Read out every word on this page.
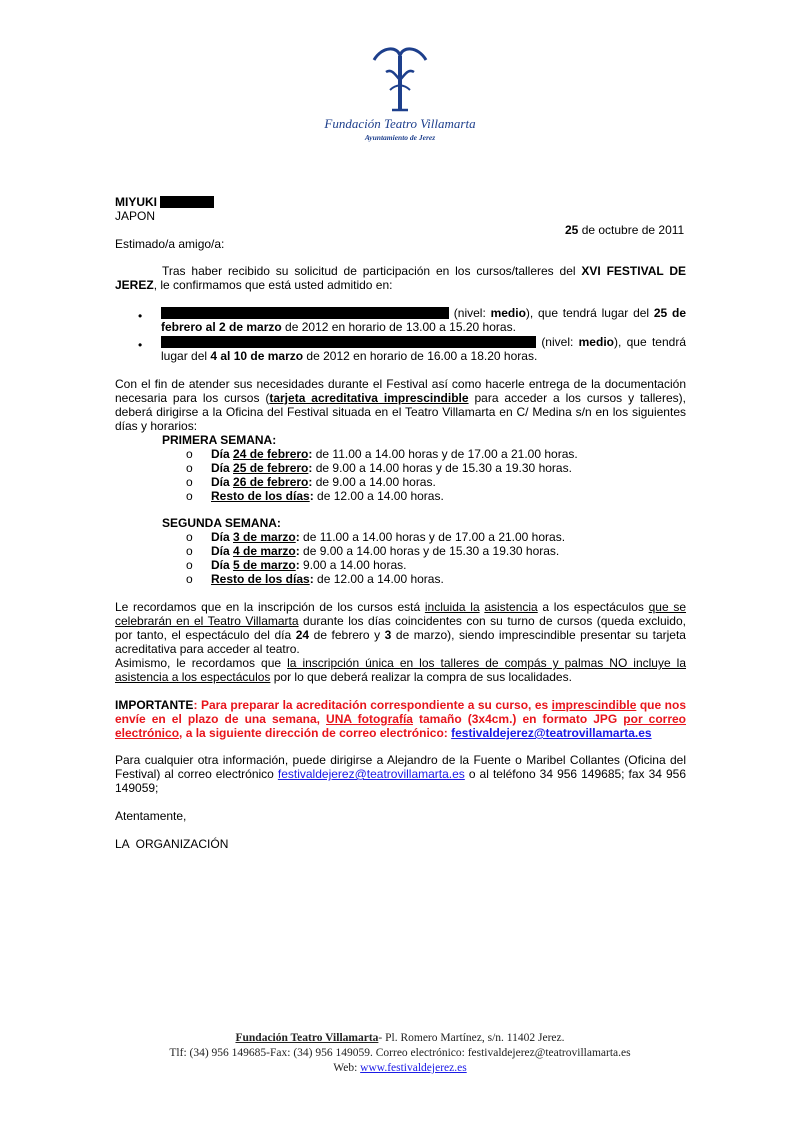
Fundación Teatro Villamarta
Ayuntamiento de Jerez
MIYUKI
JAPON
25 de octubre de 2011
Estimado/a amigo/a:
Tras haber recibido su solicitud de participación en los cursos/talleres del XVI FESTIVAL DE JEREZ, le confirmamos que está usted admitido en:
•	(nivel: medio), que tendrá lugar del 25 de febrero al 2 de marzo de 2012 en horario de 13.00 a 15.20 horas.
•	(nivel: medio), que tendrá lugar del 4 al 10 de marzo de 2012 en horario de 16.00 a 18.20 horas.
Con el fin de atender sus necesidades durante el Festival así como hacerle entrega de la documentación necesaria para los cursos (tarjeta acreditativa imprescindible para acceder a los cursos y talleres), deberá dirigirse a la Oficina del Festival situada en el Teatro Villamarta en C/ Medina s/n en los siguientes días y horarios:
PRIMERA SEMANA:
o Día 24 de febrero: de 11.00 a 14.00 horas y de 17.00 a 21.00 horas.
o Día 25 de febrero: de 9.00 a 14.00 horas y de 15.30 a 19.30 horas.
o Día 26 de febrero: de 9.00 a 14.00 horas.
o Resto de los días: de 12.00 a 14.00 horas.
SEGUNDA SEMANA:
o Día 3 de marzo: de 11.00 a 14.00 horas y de 17.00 a 21.00 horas.
o Día 4 de marzo: de 9.00 a 14.00 horas y de 15.30 a 19.30 horas.
o Día 5 de marzo: 9.00 a 14.00 horas.
o Resto de los días: de 12.00 a 14.00 horas.
Le recordamos que en la inscripción de los cursos está incluida la asistencia a los espectáculos que se celebrarán en el Teatro Villamarta durante los días coincidentes con su turno de cursos (queda excluido, por tanto, el espectáculo del día 24 de febrero y 3 de marzo), siendo imprescindible presentar su tarjeta acreditativa para acceder al teatro.
Asimismo, le recordamos que la inscripción única en los talleres de compás y palmas NO incluye la asistencia a los espectáculos por lo que deberá realizar la compra de sus localidades.
IMPORTANTE: Para preparar la acreditación correspondiente a su curso, es imprescindible que nos envíe en el plazo de una semana, UNA fotografía tamaño (3x4cm.) en formato JPG por correo electrónico, a la siguiente dirección de correo electrónico: festivaldejerez@teatrovillamarta.es
Para cualquier otra información, puede dirigirse a Alejandro de la Fuente o Maribel Collantes (Oficina del Festival) al correo electrónico festivaldejerez@teatrovillamarta.es o al teléfono 34 956 149685; fax 34 956 149059;
Atentamente,
LA  ORGANIZACIÓN
Fundación Teatro Villamarta- Pl. Romero Martínez, s/n. 11402 Jerez.
Tlf: (34) 956 149685-Fax: (34) 956 149059. Correo electrónico: festivaldejerez@teatrovillamarta.es
Web: www.festivaldejerez.es
